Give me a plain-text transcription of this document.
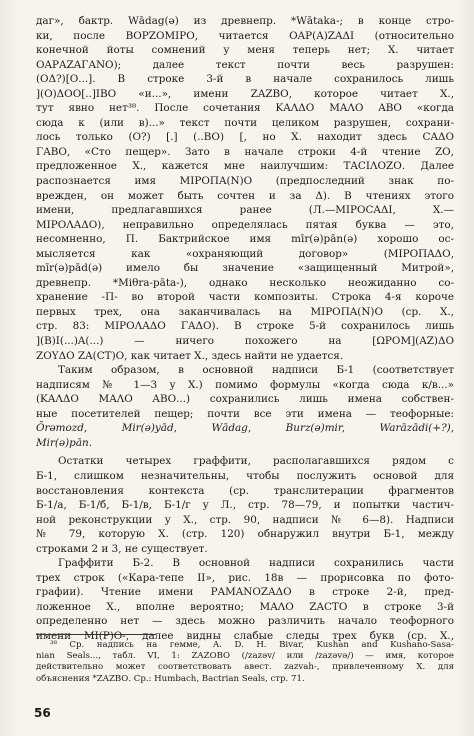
даг», бактр. Wādag(ə) из древнепр. *Wātaka-; в конце стро-
ки, после ΒΟΡΖΟΜΙΡΟ, читается ΟΑΡ(Α)ΖΑΔΙ (относительно
конечной йоты сомнений у меня теперь нет; Х. читает
ΟΑΡΑΖΑΓΑΝΟ); далее текст почти весь разрушен:
(ΟΔ?)[Ο...]. В строке 3-й в начале сохранилось лишь
](Ο)ΔΟΟ[..]ΙΒΟ «и...», имени ΖΑΖΒΟ, которое читает Х.,
тут явно нет³⁸. После сочетания ΚΑΛΔΟ ΜΑΛΟ ΑΒΟ «когда
сюда к (или в)...» текст почти целиком разрушен, сохрани-
лось только (Ο?) [.] (..ΒΟ) [, но Х. находит здесь CAΔΟ
ΓΑΒΟ, «Сто пещер». Зато в начале строки 4-й чтение ΖΟ,
предложенное Х., кажется мне наилучшим: ΤΑCΙΛΟΖΟ. Далее
распознается имя ΜΙΡΟΠΑ(Ν)Ο (предпоследний знак по-
врежден, он может быть сочтен и за Δ). В чтениях этого
имени, предлагавшихся ранее (Л.—ΜΙΡΟCΑΔΙ, Х.—
ΜΙΡΟΛΑΔΟ), неправильно определялась пятая буква — это,
несомненно, П. Бактрийское имя mīr(ə)pān(ə) хорошо ос-
мысляется как «охраняющий договор» (ΜΙΡΟΠΑΔΟ,
mīr(ə)pād(ə) имело бы значение «защищенный Митрой»,
древнепр. *Miθra-pāta-), однако несколько неожиданно со-
хранение -П- во второй части композиты. Строка 4-я короче
первых трех, она заканчивалась на ΜΙΡΟΠΑ(Ν)Ο (ср. Х.,
стр. 83: ΜΙΡΟΛΑΔΟ ΓΑΔΟ). В строке 5-й сохранилось лишь
](Β)Ι(...)Α(...) — ничего похожего на [ΩΡΟΜ](ΑΖ)ΔΟ
ΖΟΥΔΟ ΖΑ(CΤ)Ο, как читает Х., здесь найти не удается.

Таким образом, в основной надписи Б-1 (соответствует
надписям № 1—3 у Х.) помимо формулы «когда сюда к/в...»
(ΚΑΛΔΟ ΜΑΛΟ ΑΒΟ...) сохранились лишь имена собствен-
ные посетителей пещер; почти все эти имена — теофорные:
Ōrəmozd, Mir(ə)yād, Wādag, Burz(ə)mir, Warāzādi(+?),
Mir(ə)pān.

Остатки четырех граффити, располагавшихся рядом с
Б-1, слишком незначительны, чтобы послужить основой для
восстановления контекста (ср. транслитерации фрагментов
Б-1/а, Б-1/б, Б-1/в, Б-1/г у Л., стр. 78—79, и попытки частич-
ной реконструкции у Х., стр. 90, надписи № 6—8). Надписи
№ 79, которую Х. (стр. 120) обнаружил внутри Б-1, между
строками 2 и 3, не существует.

Граффити Б-2. В основной надписи сохранились части
трех строк («Кара-тепе II», рис. 18в — прорисовка по фото-
графии). Чтение имени ΡΑΜΑΝΟΖΑΔΟ в строке 2-й, пред-
ложенное Х., вполне вероятно; ΜΑΛΟ ΖΑCΤΟ в строке 3-й
определенно нет — здесь можно различить начало теофорного
имени ΜΙ(Ρ)Ο-, далее видны слабые следы трех букв (ср. Х.,

³⁸ Ср. надпись на гемме, A. D. H. Bivar, Kushan and Kushano-Sasa-
nian Seals..., табл. VI, 1: ΖΑΖΟΒΟ (/zazəv/ или /zazəvə/) — имя, которое
действительно может соответствовать авест. zazvah-, привлеченному Х. для
объяснения *ΖΑΖΒΟ. Ср.: Humbach, Bactrian Seals, стр. 71.
56
